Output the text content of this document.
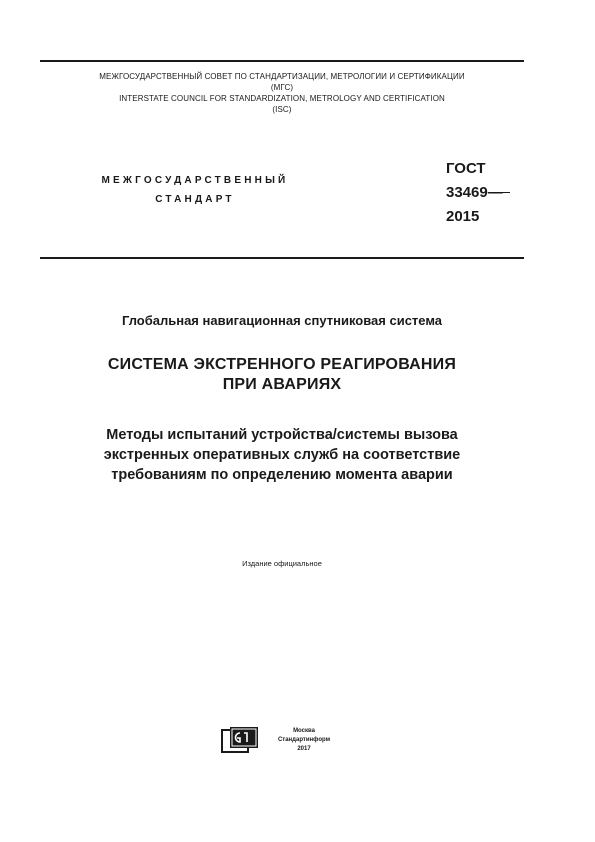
МЕЖГОСУДАРСТВЕННЫЙ СОВЕТ ПО СТАНДАРТИЗАЦИИ, МЕТРОЛОГИИ И СЕРТИФИКАЦИИ
(МГС)
INTERSTATE COUNCIL FOR STANDARDIZATION, METROLOGY AND CERTIFICATION
(ISC)
МЕЖГОСУДАРСТВЕННЫЙ
СТАНДАРТ
ГОСТ
33469—
2015
Глобальная навигационная спутниковая система
СИСТЕМА ЭКСТРЕННОГО РЕАГИРОВАНИЯ
ПРИ АВАРИЯХ
Методы испытаний устройства/системы вызова
экстренных оперативных служб на соответствие
требованиям по определению момента аварии
Издание официальное
Москва
Стандартинформ
2017
